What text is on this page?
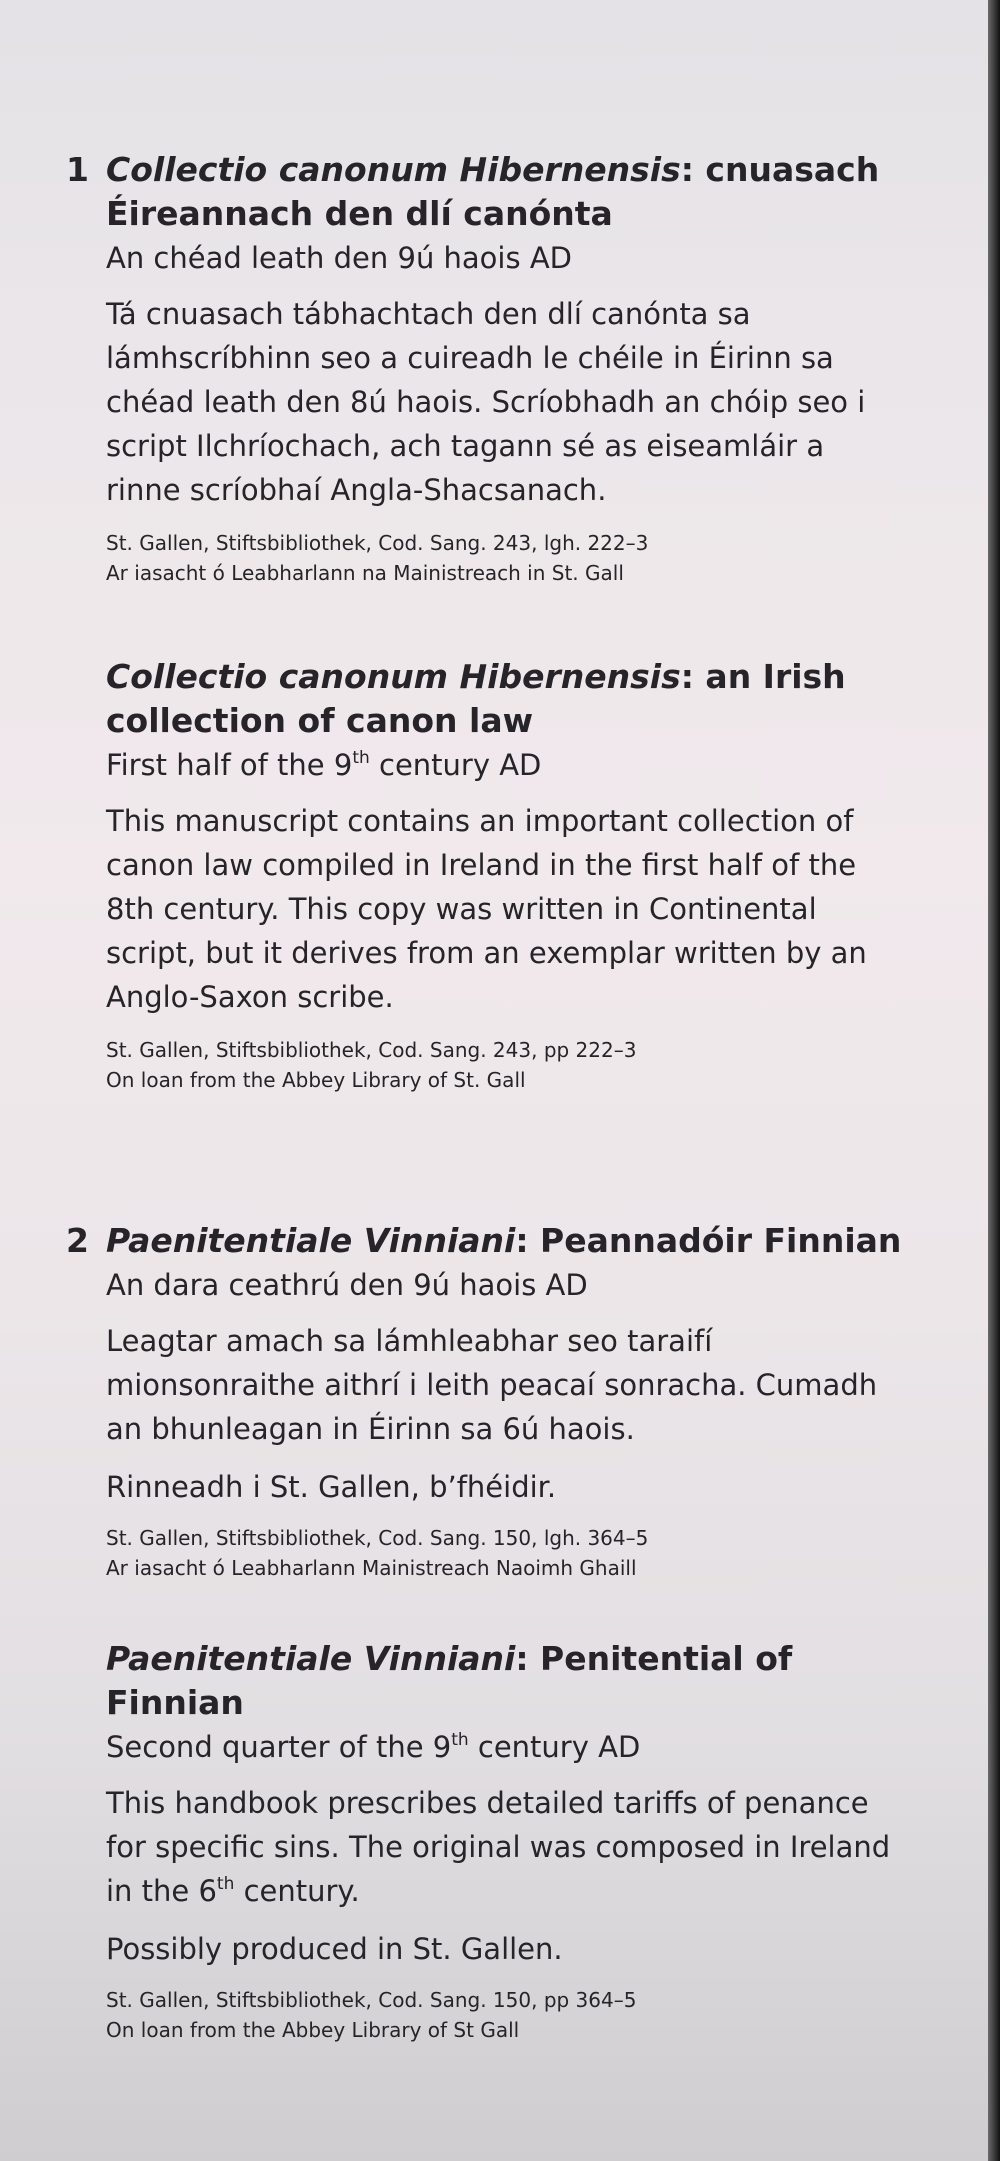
1 Collectio canonum Hibernensis: cnuasach Éireannach den dlí canónta

An chéad leath den 9ú haois AD

Tá cnuasach tábhachtach den dlí canónta sa lámhscríbhinn seo a cuireadh le chéile in Éirinn sa chéad leath den 8ú haois. Scríobhadh an chóip seo i script Ilchríochach, ach tagann sé as eiseamláir a rinne scríobhaí Angla-Shacsanach.

St. Gallen, Stiftsbibliothek, Cod. Sang. 243, lgh. 222–3
Ar iasacht ó Leabharlann na Mainistreach in St. Gall

Collectio canonum Hibernensis: an Irish collection of canon law

First half of the 9th century AD

This manuscript contains an important collection of canon law compiled in Ireland in the first half of the 8th century. This copy was written in Continental script, but it derives from an exemplar written by an Anglo-Saxon scribe.

St. Gallen, Stiftsbibliothek, Cod. Sang. 243, pp 222–3
On loan from the Abbey Library of St. Gall

2 Paenitentiale Vinniani: Peannadóir Finnian

An dara ceathrú den 9ú haois AD

Leagtar amach sa lámhleabhar seo taraifí mionsonraithe aithrí i leith peacaí sonracha. Cumadh an bhunleagan in Éirinn sa 6ú haois.

Rinneadh i St. Gallen, b’fhéidir.

St. Gallen, Stiftsbibliothek, Cod. Sang. 150, lgh. 364–5
Ar iasacht ó Leabharlann Mainistreach Naoimh Ghaill

Paenitentiale Vinniani: Penitential of Finnian

Second quarter of the 9th century AD

This handbook prescribes detailed tariffs of penance for specific sins. The original was composed in Ireland in the 6th century.

Possibly produced in St. Gallen.

St. Gallen, Stiftsbibliothek, Cod. Sang. 150, pp 364–5
On loan from the Abbey Library of St Gall
